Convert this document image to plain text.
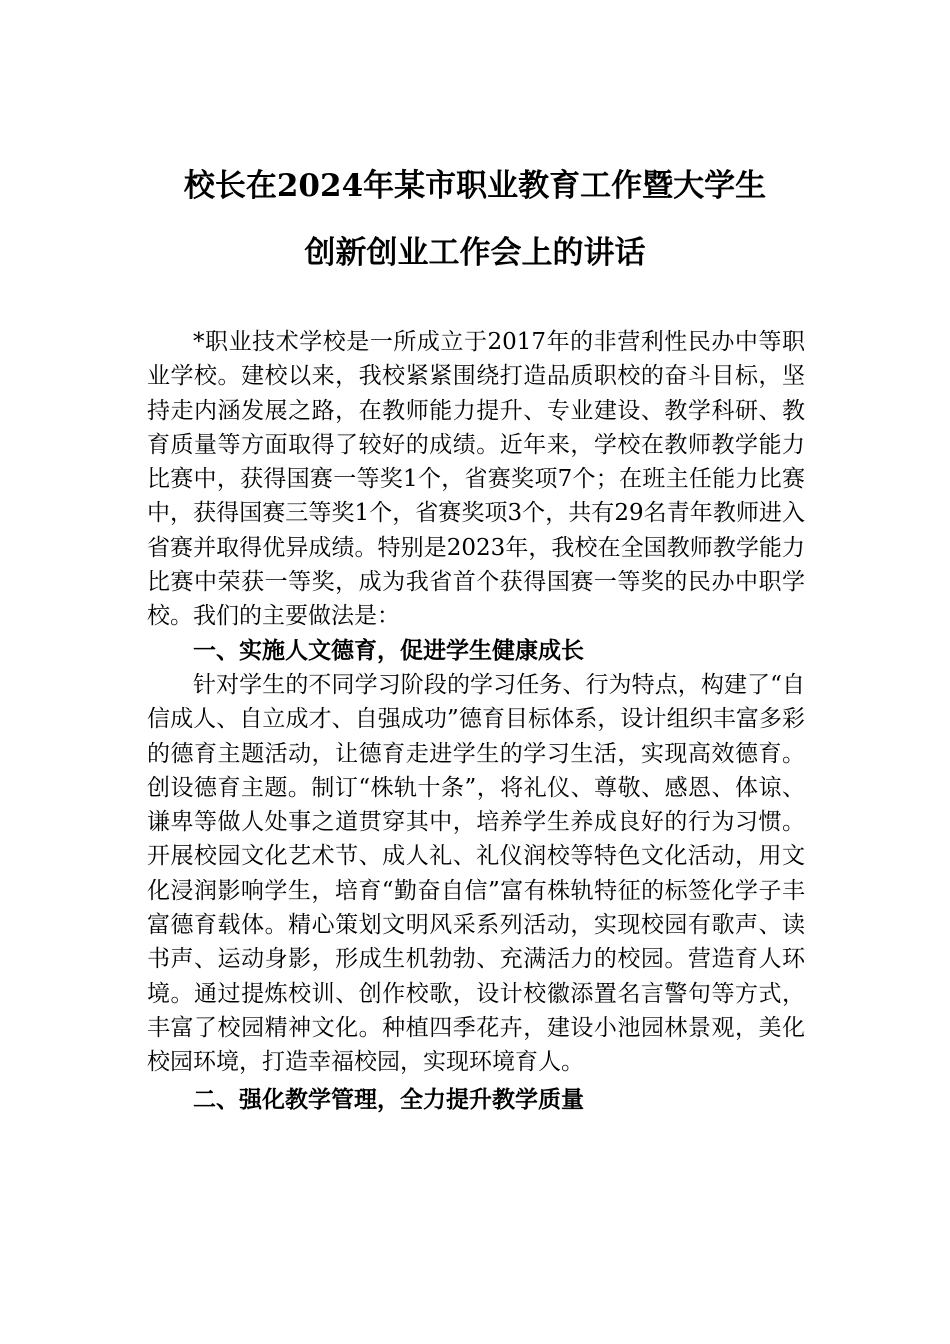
校长在2024年某市职业教育工作暨大学生
创新创业工作会上的讲话

*职业技术学校是一所成立于2017年的非营利性民办中等职业学校。建校以来，我校紧紧围绕打造品质职校的奋斗目标，坚持走内涵发展之路，在教师能力提升、专业建设、教学科研、教育质量等方面取得了较好的成绩。近年来，学校在教师教学能力比赛中，获得国赛一等奖1个，省赛奖项7个；在班主任能力比赛中，获得国赛三等奖1个，省赛奖项3个，共有29名青年教师进入省赛并取得优异成绩。特别是2023年，我校在全国教师教学能力比赛中荣获一等奖，成为我省首个获得国赛一等奖的民办中职学校。我们的主要做法是：

一、实施人文德育，促进学生健康成长

针对学生的不同学习阶段的学习任务、行为特点，构建了“自信成人、自立成才、自强成功”德育目标体系，设计组织丰富多彩的德育主题活动，让德育走进学生的学习生活，实现高效德育。创设德育主题。制订“株轨十条”，将礼仪、尊敬、感恩、体谅、谦卑等做人处事之道贯穿其中，培养学生养成良好的行为习惯。开展校园文化艺术节、成人礼、礼仪润校等特色文化活动，用文化浸润影响学生，培育“勤奋自信”富有株轨特征的标签化学子丰富德育载体。精心策划文明风采系列活动，实现校园有歌声、读书声、运动身影，形成生机勃勃、充满活力的校园。营造育人环境。通过提炼校训、创作校歌，设计校徽添置名言警句等方式，丰富了校园精神文化。种植四季花卉，建设小池园林景观，美化校园环境，打造幸福校园，实现环境育人。

二、强化教学管理，全力提升教学质量
